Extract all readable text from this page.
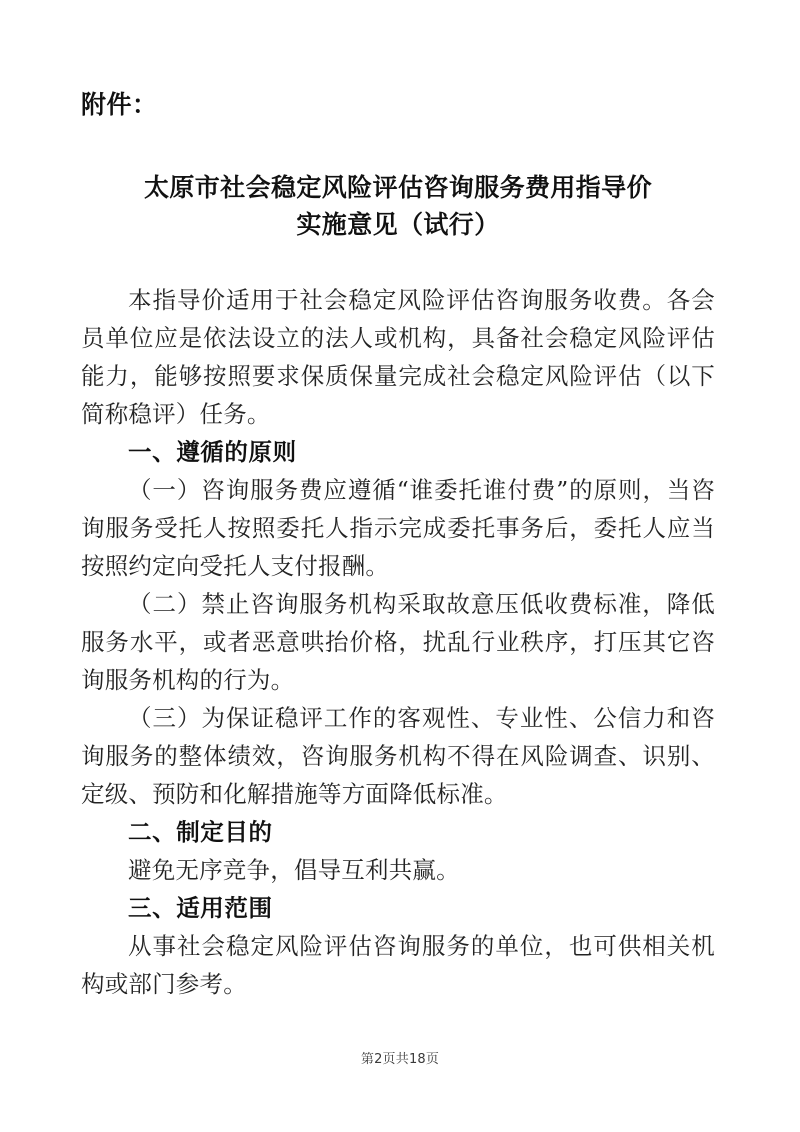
附件：
太原市社会稳定风险评估咨询服务费用指导价
实施意见（试行）

本指导价适用于社会稳定风险评估咨询服务收费。各会员单位应是依法设立的法人或机构，具备社会稳定风险评估能力，能够按照要求保质保量完成社会稳定风险评估（以下简称稳评）任务。

一、遵循的原则

（一）咨询服务费应遵循“谁委托谁付费”的原则，当咨询服务受托人按照委托人指示完成委托事务后，委托人应当按照约定向受托人支付报酬。

（二）禁止咨询服务机构采取故意压低收费标准，降低服务水平，或者恶意哄抬价格，扰乱行业秩序，打压其它咨询服务机构的行为。

（三）为保证稳评工作的客观性、专业性、公信力和咨询服务的整体绩效，咨询服务机构不得在风险调查、识别、定级、预防和化解措施等方面降低标准。

二、制定目的

避免无序竞争，倡导互利共赢。

三、适用范围

从事社会稳定风险评估咨询服务的单位，也可供相关机构或部门参考。

第2页共18页
